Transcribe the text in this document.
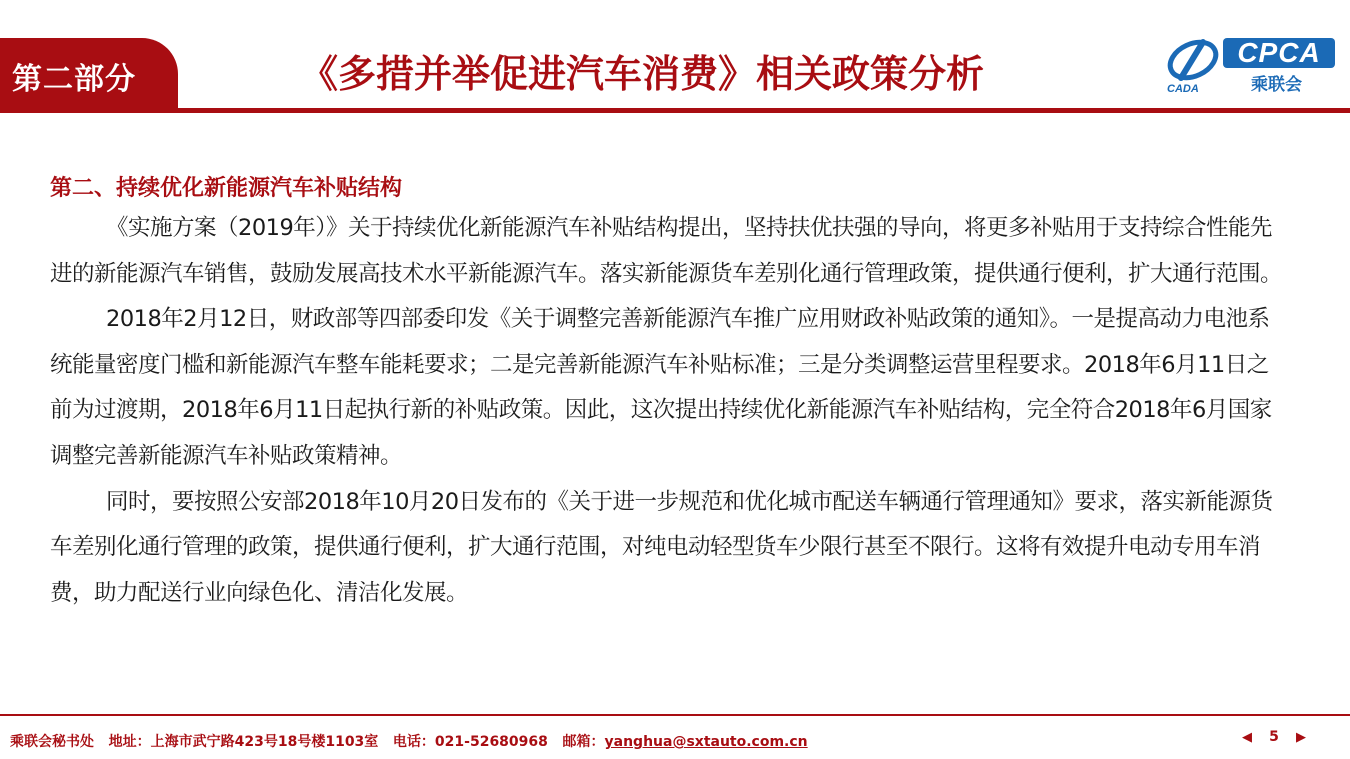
第二部分	《多措并举促进汽车消费》相关政策分析	CADA
CPCA
乘联会

第二、持续优化新能源汽车补贴结构

《实施方案（2019年）》关于持续优化新能源汽车补贴结构提出，坚持扶优扶强的导向，将更多补贴用于支持综合性能先进的新能源汽车销售，鼓励发展高技术水平新能源汽车。落实新能源货车差别化通行管理政策，提供通行便利，扩大通行范围。

2018年2月12日，财政部等四部委印发《关于调整完善新能源汽车推广应用财政补贴政策的通知》。一是提高动力电池系统能量密度门槛和新能源汽车整车能耗要求；二是完善新能源汽车补贴标准；三是分类调整运营里程要求。2018年6月11日之前为过渡期，2018年6月11日起执行新的补贴政策。因此，这次提出持续优化新能源汽车补贴结构，完全符合2018年6月国家调整完善新能源汽车补贴政策精神。

同时，要按照公安部2018年10月20日发布的《关于进一步规范和优化城市配送车辆通行管理通知》要求，落实新能源货车差别化通行管理的政策，提供通行便利，扩大通行范围，对纯电动轻型货车少限行甚至不限行。这将有效提升电动专用车消费，助力配送行业向绿色化、清洁化发展。

乘联会秘书处 地址：上海市武宁路423号18号楼1103室 电话：021-52680968 邮箱：yanghua@sxtauto.com.cn	◀ 5 ▶
